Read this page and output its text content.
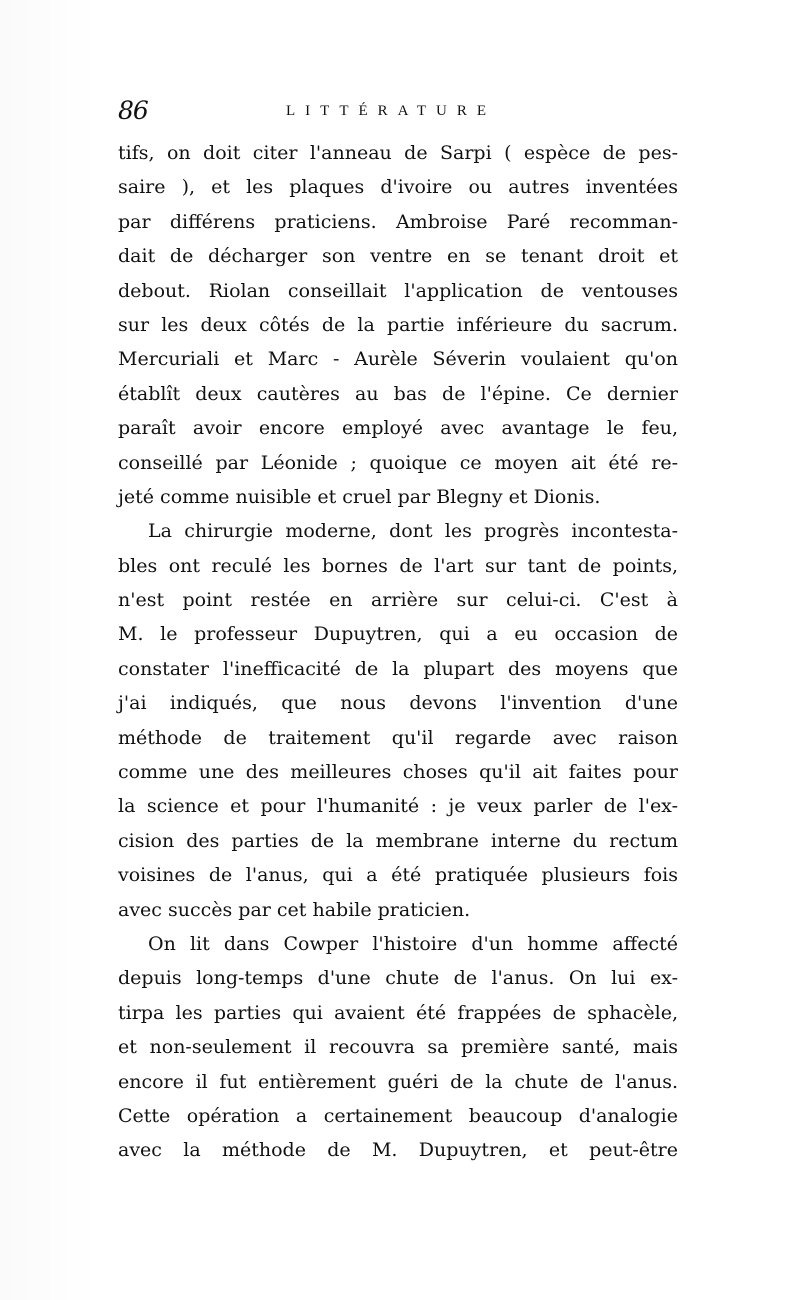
86	LITTÉRATURE
tifs, on doit citer l'anneau de Sarpi ( espèce de pes-
saire ), et les plaques d'ivoire ou autres inventées
par différens praticiens. Ambroise Paré recomman-
dait de décharger son ventre en se tenant droit et
debout. Riolan conseillait l'application de ventouses
sur les deux côtés de la partie inférieure du sacrum.
Mercuriali et Marc - Aurèle Séverin voulaient qu'on
établît deux cautères au bas de l'épine. Ce dernier
paraît avoir encore employé avec avantage le feu,
conseillé par Léonide ; quoique ce moyen ait été re-
jeté comme nuisible et cruel par Blegny et Dionis.
La chirurgie moderne, dont les progrès incontesta-
bles ont reculé les bornes de l'art sur tant de points,
n'est point restée en arrière sur celui-ci. C'est à
M. le professeur Dupuytren, qui a eu occasion de
constater l'inefficacité de la plupart des moyens que
j'ai indiqués, que nous devons l'invention d'une
méthode de traitement qu'il regarde avec raison
comme une des meilleures choses qu'il ait faites pour
la science et pour l'humanité : je veux parler de l'ex-
cision des parties de la membrane interne du rectum
voisines de l'anus, qui a été pratiquée plusieurs fois
avec succès par cet habile praticien.
On lit dans Cowper l'histoire d'un homme affecté
depuis long-temps d'une chute de l'anus. On lui ex-
tirpa les parties qui avaient été frappées de sphacèle,
et non-seulement il recouvra sa première santé, mais
encore il fut entièrement guéri de la chute de l'anus.
Cette opération a certainement beaucoup d'analogie
avec la méthode de M. Dupuytren, et peut-être
